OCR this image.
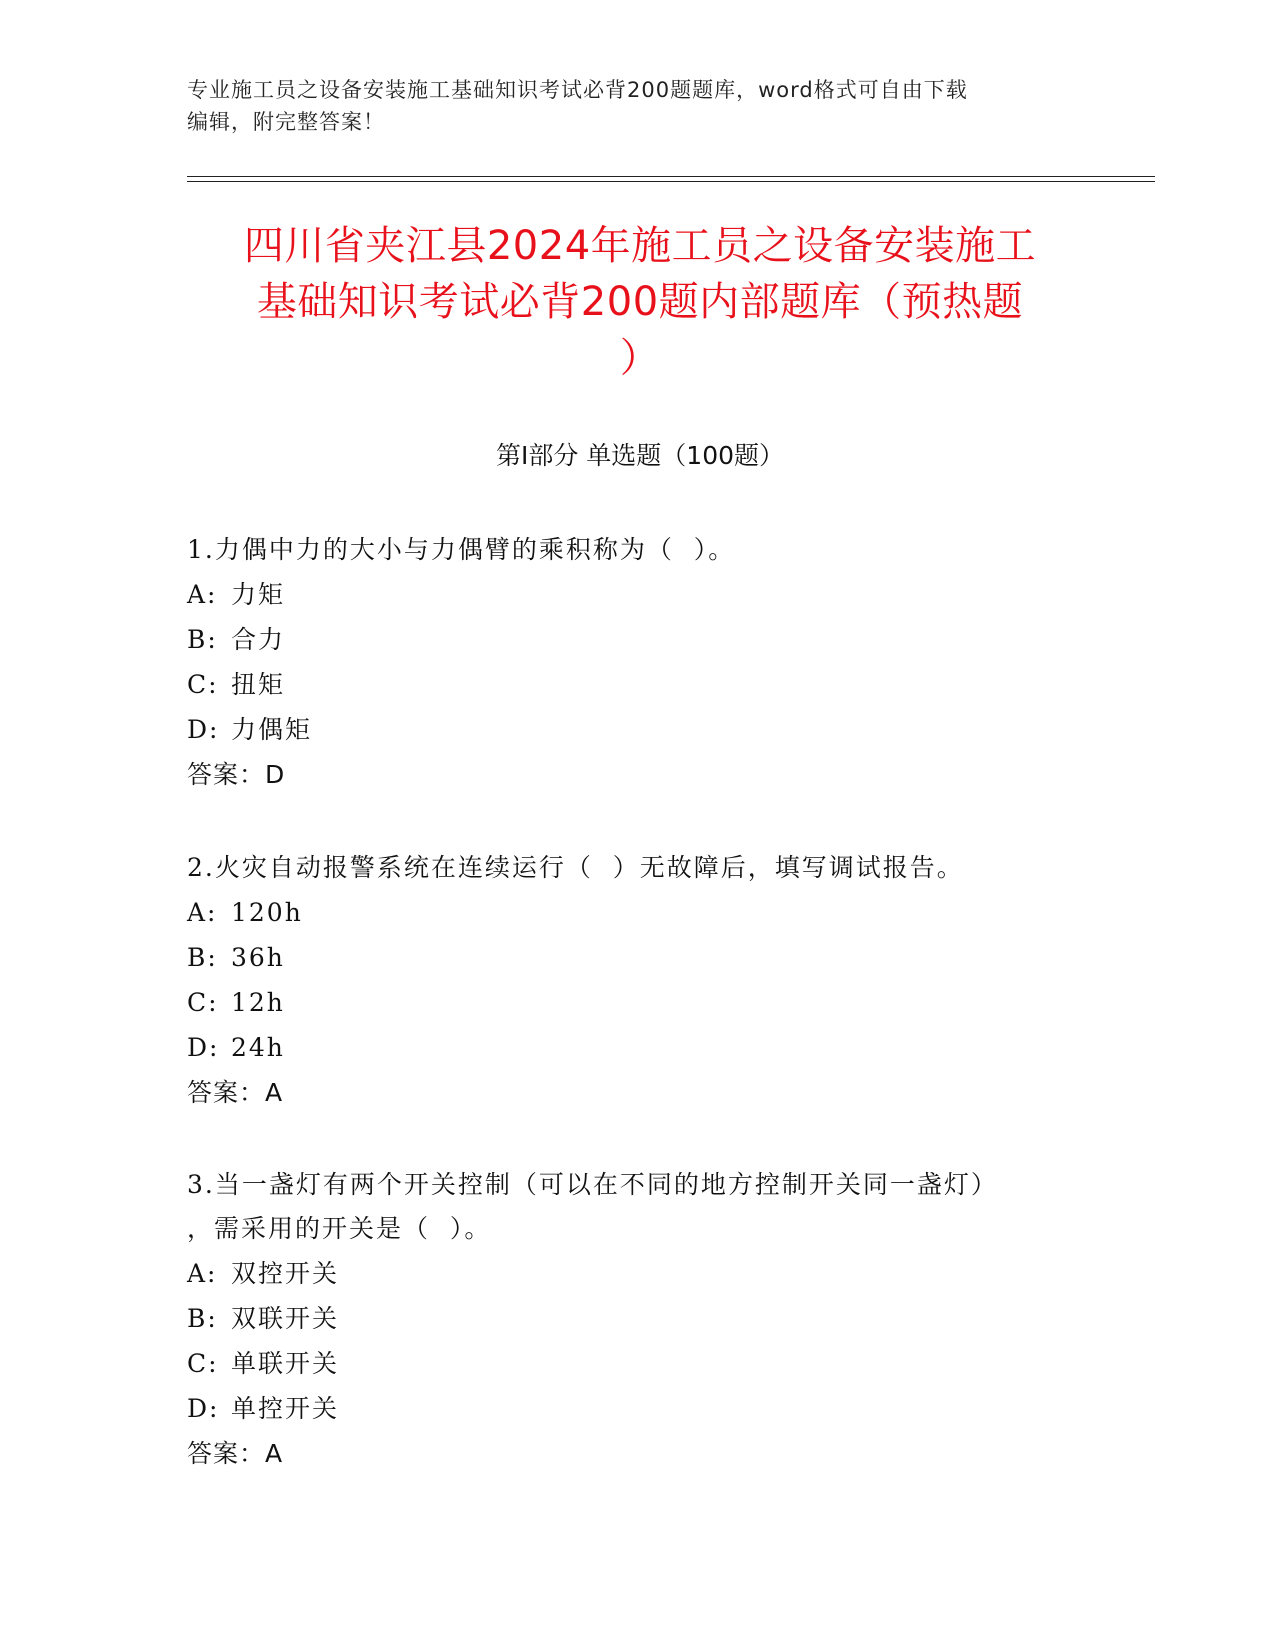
专业施工员之设备安装施工基础知识考试必背200题题库，word格式可自由下载
编辑，附完整答案！
四川省夹江县2024年施工员之设备安装施工
基础知识考试必背200题内部题库（预热题
）
第Ⅰ部分 单选题（100题）
1.力偶中力的大小与力偶臂的乘积称为（  ）。
A: 力矩
B: 合力
C: 扭矩
D: 力偶矩
答案：D
2.火灾自动报警系统在连续运行（  ）无故障后，填写调试报告。
A: 120h
B: 36h
C: 12h
D: 24h
答案：A
3.当一盏灯有两个开关控制（可以在不同的地方控制开关同一盏灯）
，需采用的开关是（  ）。
A: 双控开关
B: 双联开关
C: 单联开关
D: 单控开关
答案：A
